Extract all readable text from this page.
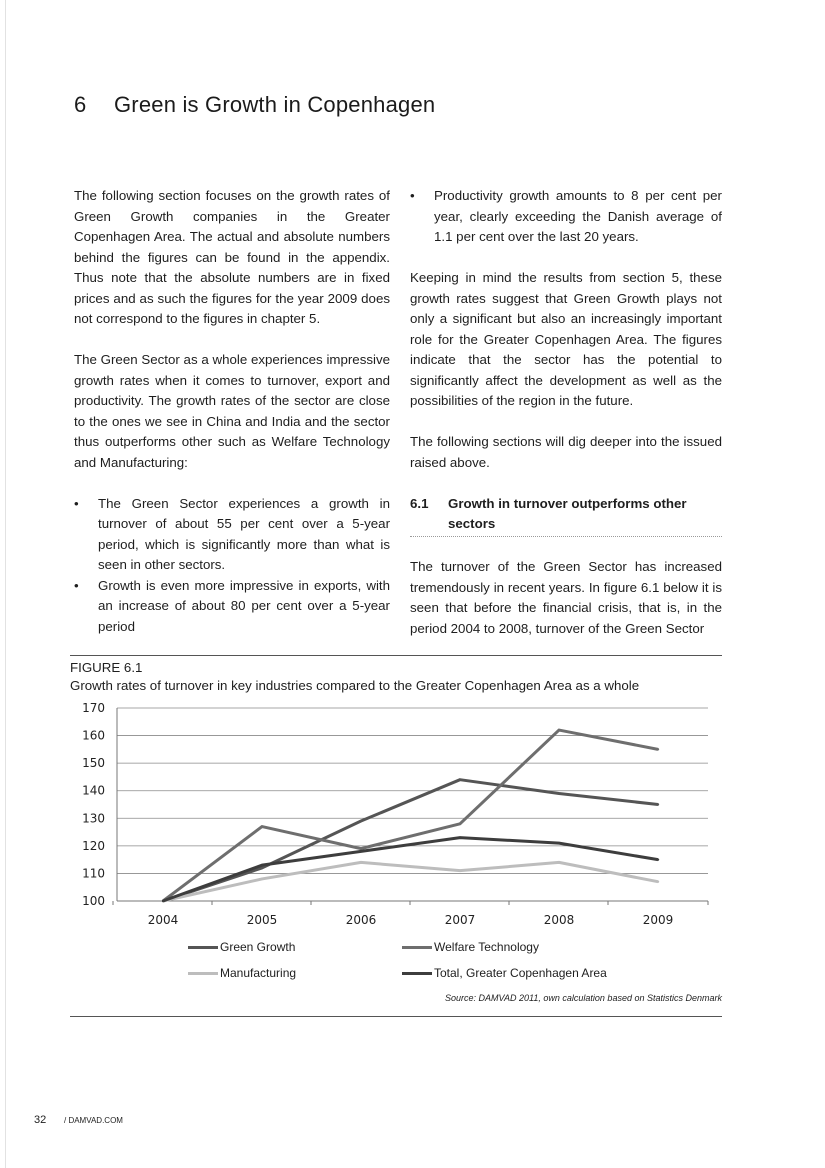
6 Green is Growth in Copenhagen

The following section focuses on the growth rates of Green Growth companies in the Greater Copenhagen Area. The actual and absolute numbers behind the figures can be found in the appendix. Thus note that the absolute numbers are in fixed prices and as such the figures for the year 2009 does not correspond to the figures in chapter 5.

The Green Sector as a whole experiences impressive growth rates when it comes to turnover, export and productivity. The growth rates of the sector are close to the ones we see in China and India and the sector thus outperforms other such as Welfare Technology and Manufacturing:

• The Green Sector experiences a growth in turnover of about 55 per cent over a 5-year period, which is significantly more than what is seen in other sectors.
• Growth is even more impressive in exports, with an increase of about 80 per cent over a 5-year period
• Productivity growth amounts to 8 per cent per year, clearly exceeding the Danish average of 1.1 per cent over the last 20 years.

Keeping in mind the results from section 5, these growth rates suggest that Green Growth plays not only a significant but also an increasingly important role for the Greater Copenhagen Area. The figures indicate that the sector has the potential to significantly affect the development as well as the possibilities of the region in the future.

The following sections will dig deeper into the issued raised above.

6.1	Growth in turnover outperforms other sectors

The turnover of the Green Sector has increased tremendously in recent years. In figure 6.1 below it is seen that before the financial crisis, that is, in the period 2004 to 2008, turnover of the Green Sector

FIGURE 6.1
Growth rates of turnover in key industries compared to the Greater Copenhagen Area as a whole
100
110
120
130
140
150
160
170
2004	2005	2006	2007	2008	2009
Green Growth	Welfare Technology
Manufacturing	Total, Greater Copenhagen Area
Source: DAMVAD 2011, own calculation based on Statistics Denmark
32 / DAMVAD.COM
